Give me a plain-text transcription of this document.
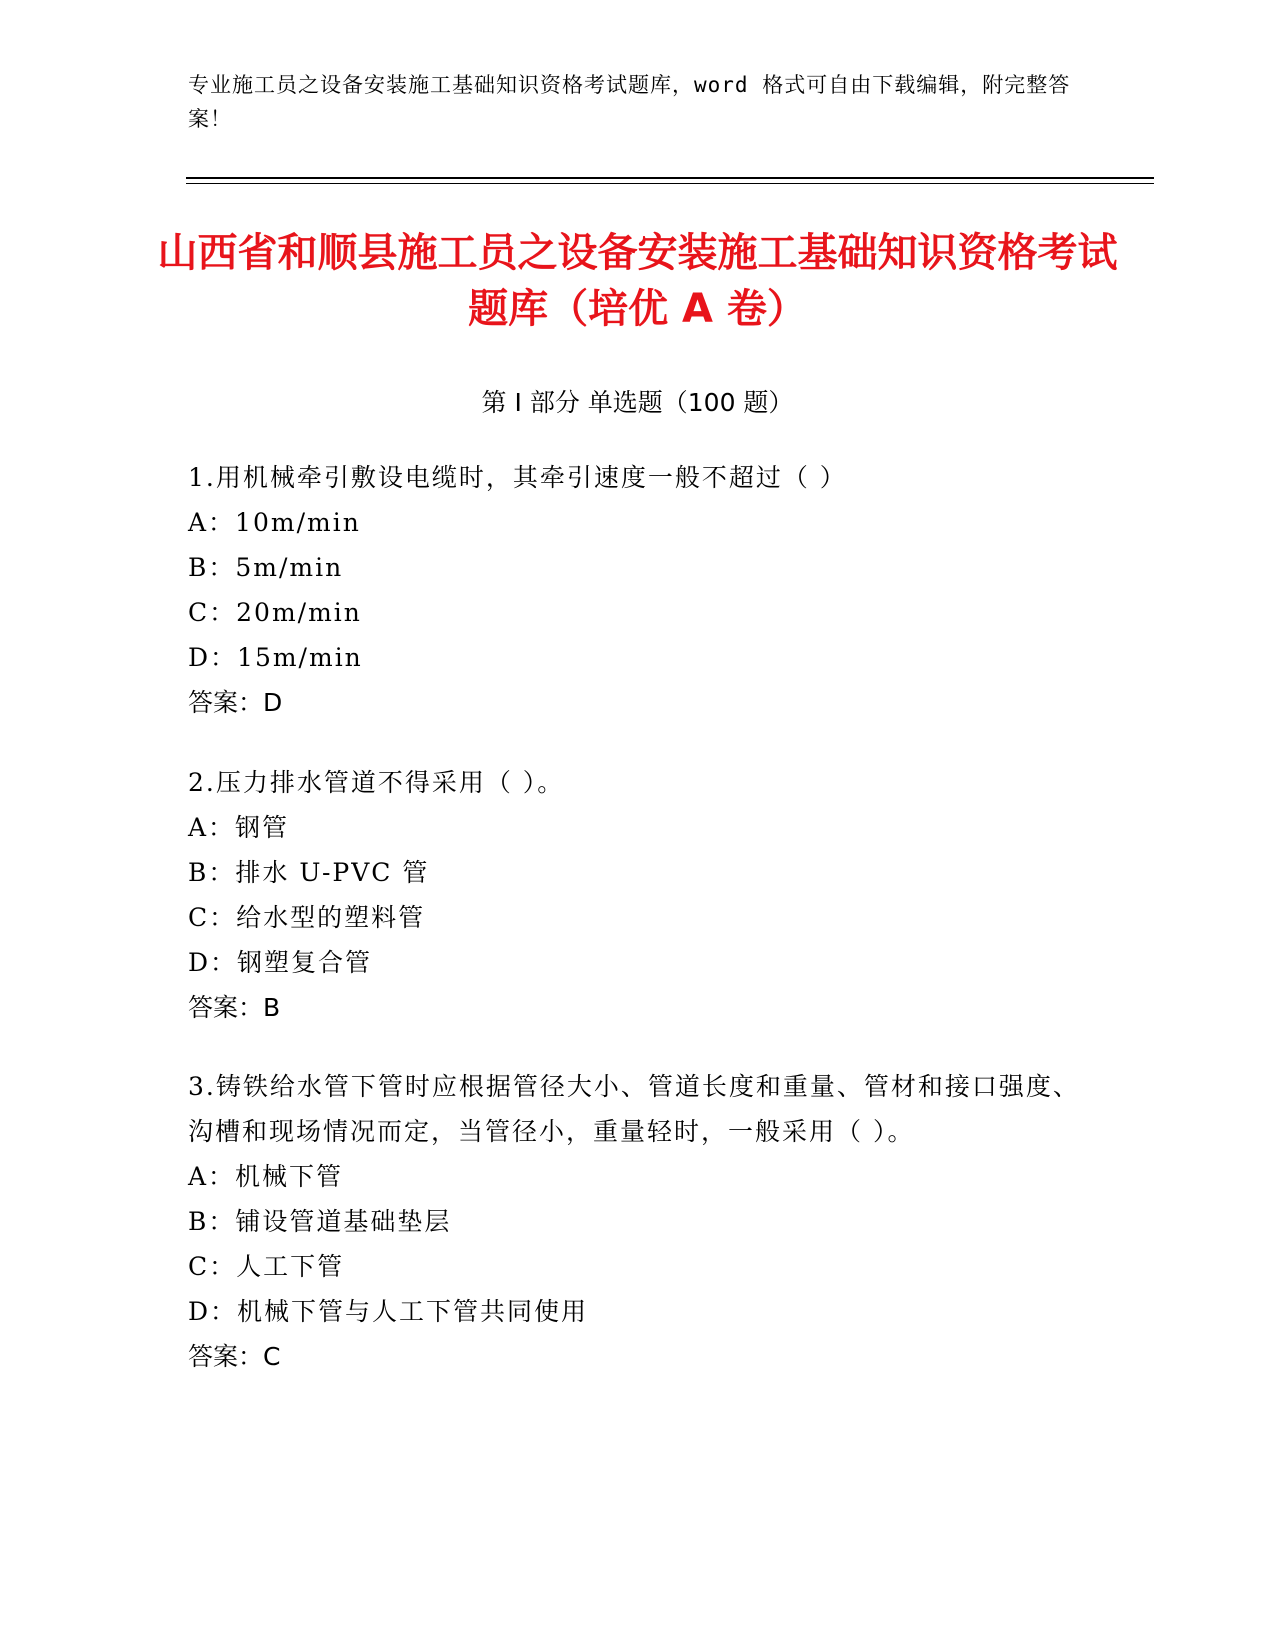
专业施工员之设备安装施工基础知识资格考试题库，word 格式可自由下载编辑，附完整答案！
山西省和顺县施工员之设备安装施工基础知识资格考试题库（培优 A 卷）
第 I 部分 单选题（100 题）
1.用机械牵引敷设电缆时，其牵引速度一般不超过（ ）
A：10m/min
B：5m/min
C：20m/min
D：15m/min
答案：D
2.压力排水管道不得采用（ ）。
A：钢管
B：排水 U-PVC 管
C：给水型的塑料管
D：钢塑复合管
答案：B
3.铸铁给水管下管时应根据管径大小、管道长度和重量、管材和接口强度、沟槽和现场情况而定，当管径小，重量轻时，一般采用（ ）。
A：机械下管
B：铺设管道基础垫层
C：人工下管
D：机械下管与人工下管共同使用
答案：C
